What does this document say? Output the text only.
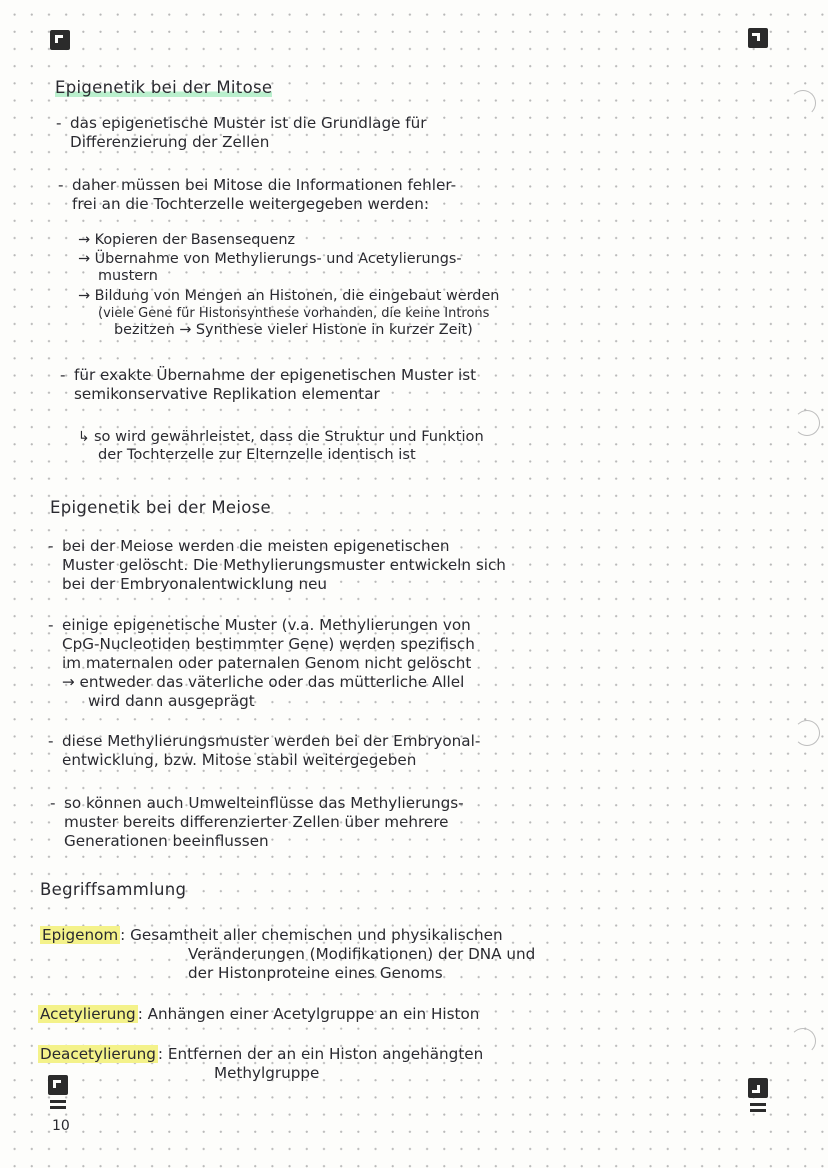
10
Epigenetik bei der Mitose
- das epigenetische Muster ist die Grundlage für
Differenzierung der Zellen
- daher müssen bei Mitose die Informationen fehler-
frei an die Tochterzelle weitergegeben werden:
→ Kopieren der Basensequenz
→ Übernahme von Methylierungs- und Acetylierungs-
mustern
→ Bildung von Mengen an Histonen, die eingebaut werden
(viele Gene für Histonsynthese vorhanden, die keine Introns
bezitzen → Synthese vieler Histone in kurzer Zeit)
- für exakte Übernahme der epigenetischen Muster ist
semikonservative Replikation elementar
↳ so wird gewährleistet, dass die Struktur und Funktion
der Tochterzelle zur Elternzelle identisch ist
Epigenetik bei der Meiose
- bei der Meiose werden die meisten epigenetischen
Muster gelöscht. Die Methylierungsmuster entwickeln sich
bei der Embryonalentwicklung neu
- einige epigenetische Muster (v.a. Methylierungen von
CpG-Nucleotiden bestimmter Gene) werden spezifisch
im maternalen oder paternalen Genom nicht gelöscht
→ entweder das väterliche oder das mütterliche Allel
wird dann ausgeprägt
- diese Methylierungsmuster werden bei der Embryonal-
entwicklung, bzw. Mitose stabil weitergegeben
- so können auch Umwelteinflüsse das Methylierungs-
muster bereits differenzierter Zellen über mehrere
Generationen beeinflussen
Begriffsammlung
Epigenom : Gesamtheit aller chemischen und physikalischen
Veränderungen (Modifikationen) der DNA und
der Histonproteine eines Genoms
Acetylierung : Anhängen einer Acetylgruppe an ein Histon
Deacetylierung : Entfernen der an ein Histon angehängten
Methylgruppe
